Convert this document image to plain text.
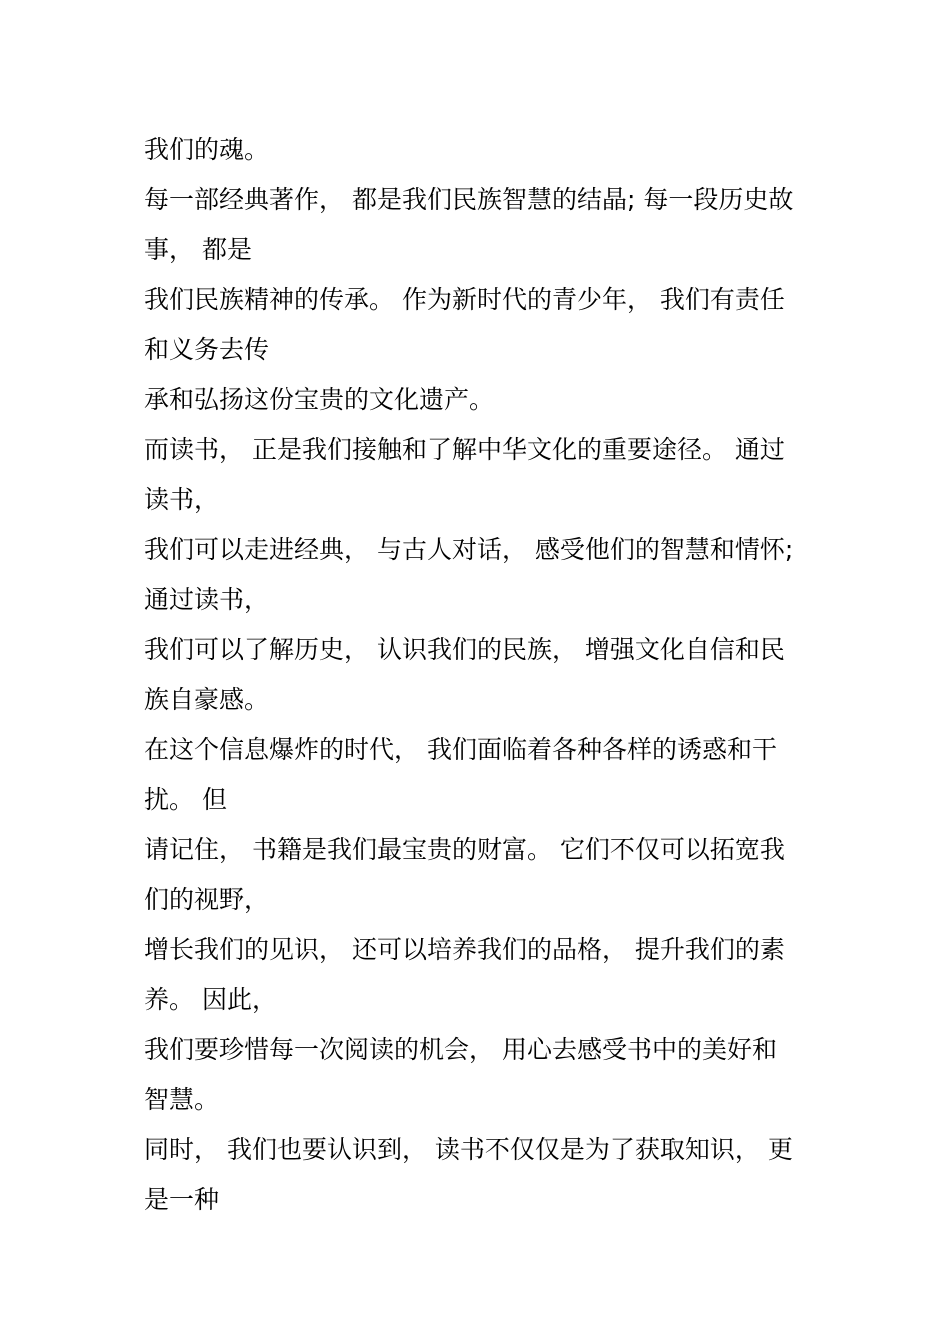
我们的魂。

每一部经典著作， 都是我们民族智慧的结晶; 每一段历史故

事， 都是

我们民族精神的传承。 作为新时代的青少年， 我们有责任

和义务去传

承和弘扬这份宝贵的文化遗产。

而读书， 正是我们接触和了解中华文化的重要途径。 通过

读书，

我们可以走进经典， 与古人对话， 感受他们的智慧和情怀;

通过读书，

我们可以了解历史， 认识我们的民族， 增强文化自信和民

族自豪感。

在这个信息爆炸的时代， 我们面临着各种各样的诱惑和干

扰。 但

请记住， 书籍是我们最宝贵的财富。 它们不仅可以拓宽我

们的视野，

增长我们的见识， 还可以培养我们的品格， 提升我们的素

养。 因此，

我们要珍惜每一次阅读的机会， 用心去感受书中的美好和

智慧。

同时， 我们也要认识到， 读书不仅仅是为了获取知识， 更

是一种
